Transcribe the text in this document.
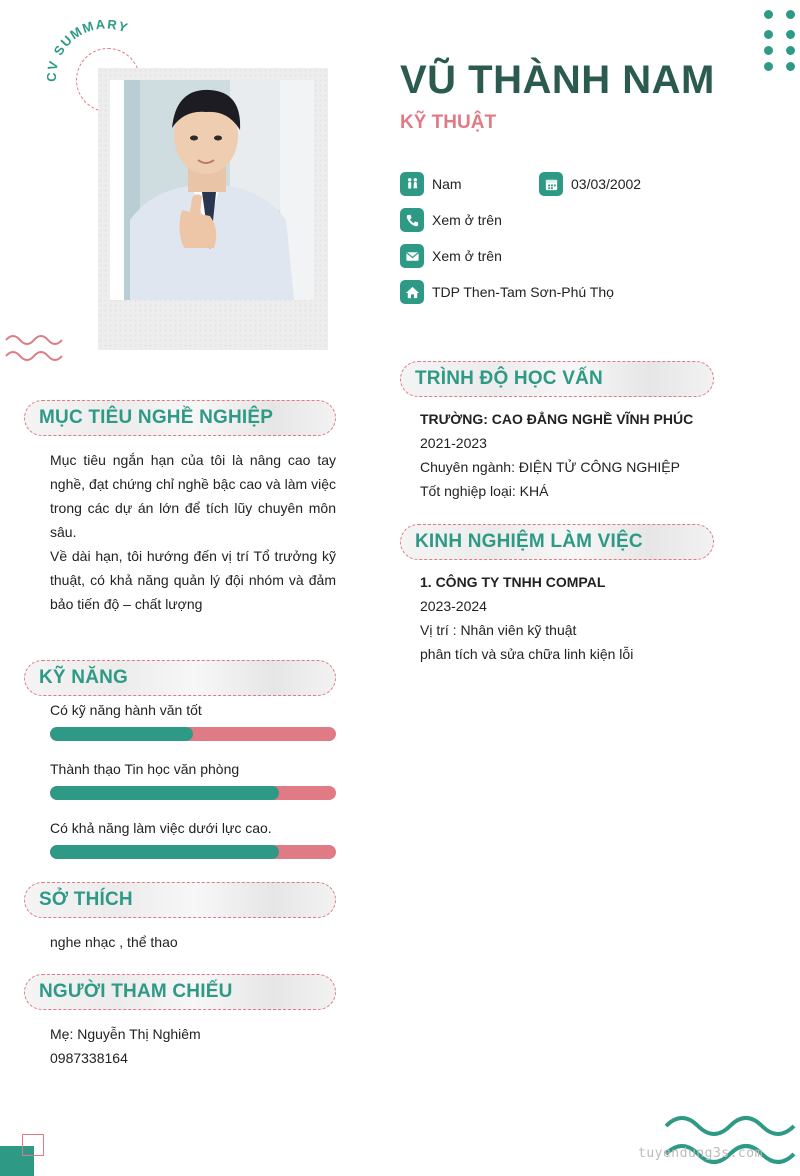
CV SUMMARY
VŨ THÀNH NAM
KỸ THUẬT
Nam	03/03/2002
Xem ở trên
Xem ở trên
TDP Then-Tam Sơn-Phú Thọ
MỤC TIÊU NGHỀ NGHIỆP

Mục tiêu ngắn hạn của tôi là nâng cao tay nghề, đạt chứng chỉ nghề bậc cao và làm việc trong các dự án lớn để tích lũy chuyên môn sâu.

Về dài hạn, tôi hướng đến vị trí Tổ trưởng kỹ thuật, có khả năng quản lý đội nhóm và đảm bảo tiến độ – chất lượng

KỸ NĂNG
Có kỹ năng hành văn tốt
Thành thạo Tin học văn phòng
Có khả năng làm việc dưới lực cao.
SỞ THÍCH
nghe nhạc , thể thao
NGƯỜI THAM CHIẾU

Mẹ: Nguyễn Thị Nghiêm

0987338164

TRÌNH ĐỘ HỌC VẤN

TRƯỜNG: CAO ĐẲNG NGHỀ VĨNH PHÚC

2021-2023

Chuyên ngành: ĐIỆN TỬ CÔNG NGHIỆP

Tốt nghiệp loại: KHÁ

KINH NGHIỆM LÀM VIỆC

1. CÔNG TY TNHH COMPAL

2023-2024

Vị trí : Nhân viên kỹ thuật

phân tích và sửa chữa linh kiện lỗi

tuyendung3s.com
